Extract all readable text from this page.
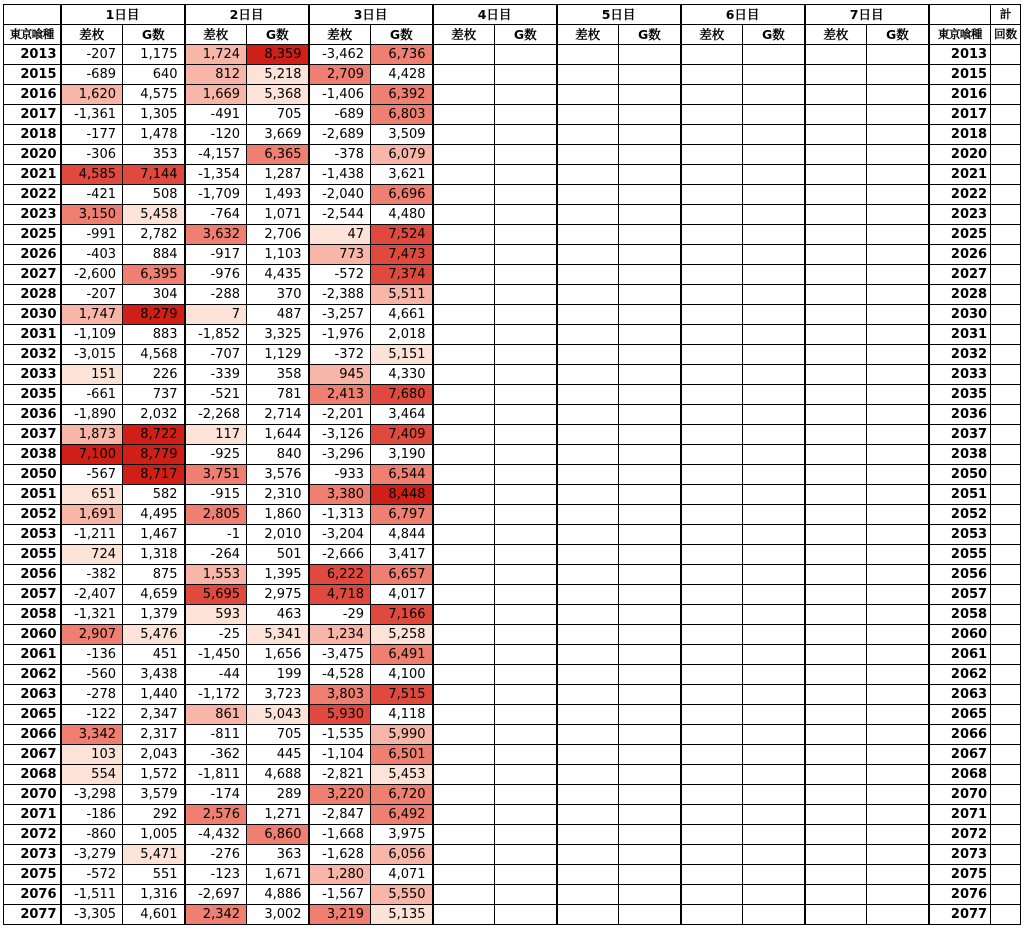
	1日目		2日目		3日目		4日目		5日目		6日目		7日目			計
東京喰種	差枚	G数	差枚	G数	差枚	G数	差枚	G数	差枚	G数	差枚	G数	差枚	G数	東京喰種	回数
2013	-207	1,175	1,724	8,359	-3,462	6,736									2013	
2015	-689	640	812	5,218	2,709	4,428									2015	
2016	1,620	4,575	1,669	5,368	-1,406	6,392									2016	
2017	-1,361	1,305	-491	705	-689	6,803									2017	
2018	-177	1,478	-120	3,669	-2,689	3,509									2018	
2020	-306	353	-4,157	6,365	-378	6,079									2020	
2021	4,585	7,144	-1,354	1,287	-1,438	3,621									2021	
2022	-421	508	-1,709	1,493	-2,040	6,696									2022	
2023	3,150	5,458	-764	1,071	-2,544	4,480									2023	
2025	-991	2,782	3,632	2,706	47	7,524									2025	
2026	-403	884	-917	1,103	773	7,473									2026	
2027	-2,600	6,395	-976	4,435	-572	7,374									2027	
2028	-207	304	-288	370	-2,388	5,511									2028	
2030	1,747	8,279	7	487	-3,257	4,661									2030	
2031	-1,109	883	-1,852	3,325	-1,976	2,018									2031	
2032	-3,015	4,568	-707	1,129	-372	5,151									2032	
2033	151	226	-339	358	945	4,330									2033	
2035	-661	737	-521	781	2,413	7,680									2035	
2036	-1,890	2,032	-2,268	2,714	-2,201	3,464									2036	
2037	1,873	8,722	117	1,644	-3,126	7,409									2037	
2038	7,100	8,779	-925	840	-3,296	3,190									2038	
2050	-567	8,717	3,751	3,576	-933	6,544									2050	
2051	651	582	-915	2,310	3,380	8,448									2051	
2052	1,691	4,495	2,805	1,860	-1,313	6,797									2052	
2053	-1,211	1,467	-1	2,010	-3,204	4,844									2053	
2055	724	1,318	-264	501	-2,666	3,417									2055	
2056	-382	875	1,553	1,395	6,222	6,657									2056	
2057	-2,407	4,659	5,695	2,975	4,718	4,017									2057	
2058	-1,321	1,379	593	463	-29	7,166									2058	
2060	2,907	5,476	-25	5,341	1,234	5,258									2060	
2061	-136	451	-1,450	1,656	-3,475	6,491									2061	
2062	-560	3,438	-44	199	-4,528	4,100									2062	
2063	-278	1,440	-1,172	3,723	3,803	7,515									2063	
2065	-122	2,347	861	5,043	5,930	4,118									2065	
2066	3,342	2,317	-811	705	-1,535	5,990									2066	
2067	103	2,043	-362	445	-1,104	6,501									2067	
2068	554	1,572	-1,811	4,688	-2,821	5,453									2068	
2070	-3,298	3,579	-174	289	3,220	6,720									2070	
2071	-186	292	2,576	1,271	-2,847	6,492									2071	
2072	-860	1,005	-4,432	6,860	-1,668	3,975									2072	
2073	-3,279	5,471	-276	363	-1,628	6,056									2073	
2075	-572	551	-123	1,671	1,280	4,071									2075	
2076	-1,511	1,316	-2,697	4,886	-1,567	5,550									2076	
2077	-3,305	4,601	2,342	3,002	3,219	5,135									2077	
